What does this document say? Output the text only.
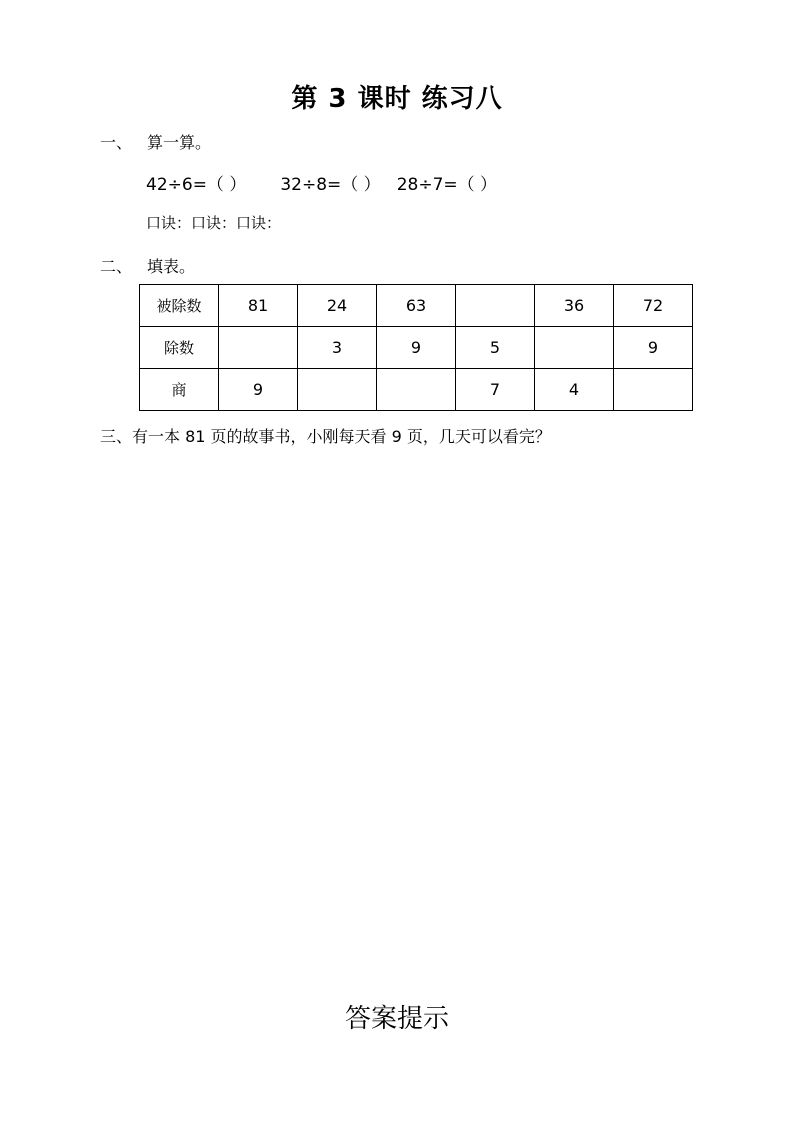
第 3 课时 练习八
一、 算一算。
42÷6=（ ） 32÷8=（ ） 28÷7=（ ）
口诀：口诀：口诀：
二、 填表。
被除数	81	24	63		36	72
除数		3	9	5		9
商	9			7	4	
三、有一本 81 页的故事书，小刚每天看 9 页，几天可以看完？
答案提示
